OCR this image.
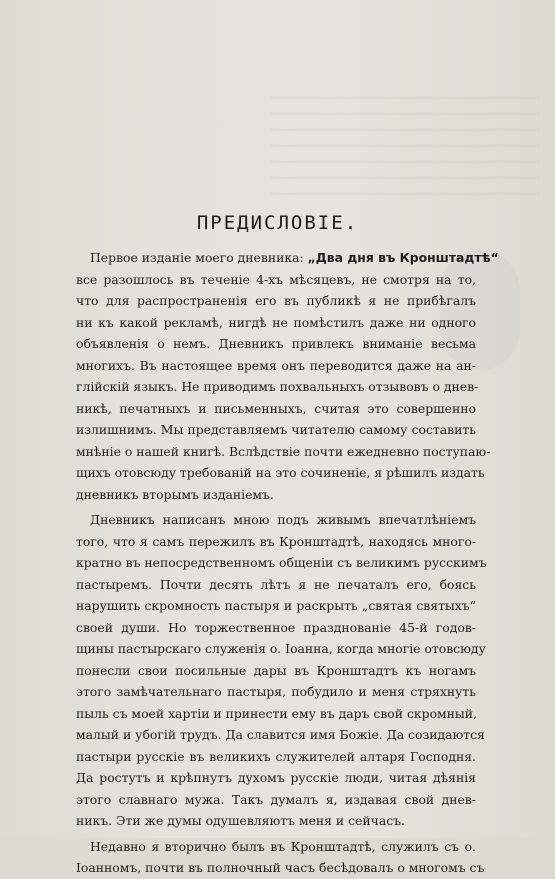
ПРЕДИСЛОВIЕ.
Первое изданіе моего дневника: „Два дня въ Кронштадтѣ“
все разошлось въ теченіе 4-хъ мѣсяцевъ, не смотря на то,
что для распространенія его въ публикѣ я не прибѣгалъ
ни къ какой рекламѣ, нигдѣ не помѣстилъ даже ни одного
объявленія о немъ. Дневникъ привлекъ вниманіе весьма
многихъ. Въ настоящее время онъ переводится даже на ан-
глійскій языкъ. Не приводимъ похвальныхъ отзывовъ о днев-
никѣ, печатныхъ и письменныхъ, считая это совершенно
излишнимъ. Мы представляемъ читателю самому составить
мнѣніе о нашей книгѣ. Вслѣдствіе почти ежедневно поступаю-
щихъ отовсюду требованій на это сочиненіе, я рѣшилъ издать
дневникъ вторымъ изданіемъ.
Дневникъ написанъ мною подъ живымъ впечатлѣніемъ
того, что я самъ пережилъ въ Кронштадтѣ, находясь много-
кратно въ непосредственномъ общеніи съ великимъ русскимъ
пастыремъ. Почти десять лѣтъ я не печаталъ его, боясь
нарушить скромность пастыря и раскрыть „святая святыхъ“
своей души. Но торжественное празднованіе 45-й годов-
щины пастырскаго служенія о. Іоанна, когда многіе отовсюду
понесли свои посильные дары въ Кронштадтъ къ ногамъ
этого замѣчательнаго пастыря, побудило и меня стряхнуть
пыль съ моей хартіи и принести ему въ даръ свой скромный,
малый и убогій трудъ. Да славится имя Божіе. Да созидаются
пастыри русскіе въ великихъ служителей алтаря Господня.
Да ростутъ и крѣпнутъ духомъ русскіе люди, читая дѣянія
этого славнаго мужа. Такъ думалъ я, издавая свой днев-
никъ. Эти же думы одушевляютъ меня и сейчасъ.
Недавно я вторично былъ въ Кронштадтѣ, служилъ съ о.
Іоанномъ, почти въ полночный часъ бесѣдовалъ о многомъ съ
